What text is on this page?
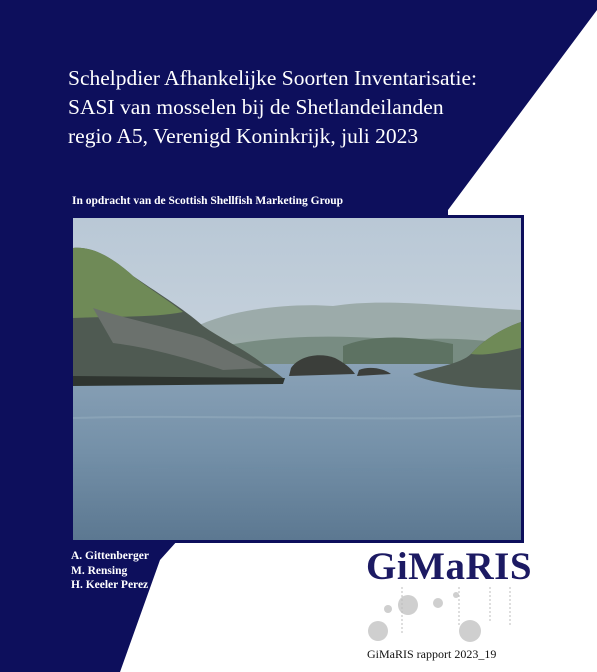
Schelpdier Afhankelijke Soorten Inventarisatie:
SASI van mosselen bij de Shetlandeilanden
regio A5, Verenigd Koninkrijk, juli 2023
In opdracht van de Scottish Shellfish Marketing Group
A. Gittenberger
M. Rensing
H. Keeler Perez	GiMaRIS
GiMaRIS rapport 2023_19
